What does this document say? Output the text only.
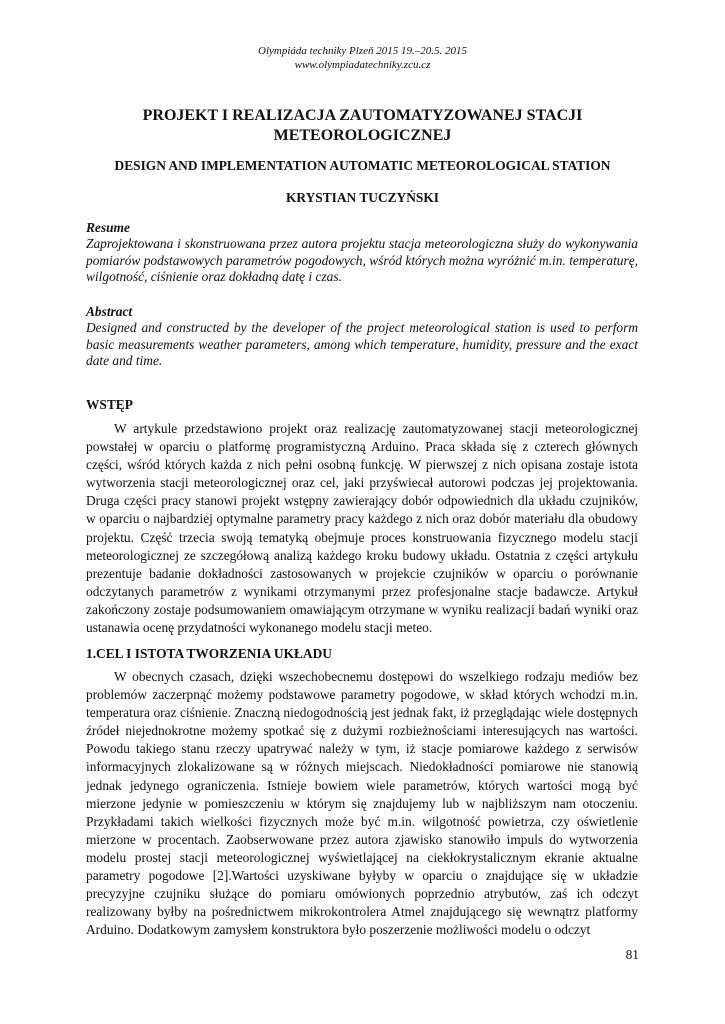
Olympiáda techniky Plzeň 2015 19.–20.5. 2015
www.olympiadatechniky.zcu.cz
PROJEKT I REALIZACJA ZAUTOMATYZOWANEJ STACJI METEOROLOGICZNEJ
DESIGN AND IMPLEMENTATION AUTOMATIC METEOROLOGICAL STATION
KRYSTIAN TUCZYŃSKI
Resume
Zaprojektowana i skonstruowana przez autora projektu stacja meteorologiczna służy do wykonywania pomiarów podstawowych parametrów pogodowych, wśród których można wyróżnić m.in. temperaturę, wilgotność, ciśnienie oraz dokładną datę i czas.
Abstract
Designed and constructed by the developer of the project meteorological station is used to perform basic measurements weather parameters, among which temperature, humidity, pressure and the exact date and time.
WSTĘP

W artykule przedstawiono projekt oraz realizację zautomatyzowanej stacji meteorologicznej powstałej w oparciu o platformę programistyczną Arduino. Praca składa się z czterech głównych części, wśród których każda z nich pełni osobną funkcję. W pierwszej z nich opisana zostaje istota wytworzenia stacji meteorologicznej oraz cel, jaki przyświecał autorowi podczas jej projektowania. Druga części pracy stanowi projekt wstępny zawierający dobór odpowiednich dla układu czujników, w oparciu o najbardziej optymalne parametry pracy każdego z nich oraz dobór materiału dla obudowy projektu. Część trzecia swoją tematyką obejmuje proces konstruowania fizycznego modelu stacji meteorologicznej ze szczegółową analizą każdego kroku budowy układu. Ostatnia z części artykułu prezentuje badanie dokładności zastosowanych w projekcie czujników w oparciu o porównanie odczytanych parametrów z wynikami otrzymanymi przez profesjonalne stacje badawcze. Artykuł zakończony zostaje podsumowaniem omawiającym otrzymane w wyniku realizacji badań wyniki oraz ustanawia ocenę przydatności wykonanego modelu stacji meteo.

1.CEL I ISTOTA TWORZENIA UKŁADU

W obecnych czasach, dzięki wszechobecnemu dostępowi do wszelkiego rodzaju mediów bez problemów zaczerpnąć możemy podstawowe parametry pogodowe, w skład których wchodzi m.in. temperatura oraz ciśnienie. Znaczną niedogodnością jest jednak fakt, iż przeglądając wiele dostępnych źródeł niejednokrotne możemy spotkać się z dużymi rozbieżnościami interesujących nas wartości. Powodu takiego stanu rzeczy upatrywać należy w tym, iż stacje pomiarowe każdego z serwisów informacyjnych zlokalizowane są w różnych miejscach. Niedokładności pomiarowe nie stanowią jednak jedynego ograniczenia. Istnieje bowiem wiele parametrów, których wartości mogą być mierzone jedynie w pomieszczeniu w którym się znajdujemy lub w najbliższym nam otoczeniu. Przykładami takich wielkości fizycznych może być m.in. wilgotność powietrza, czy oświetlenie mierzone w procentach. Zaobserwowane przez autora zjawisko stanowiło impuls do wytworzenia modelu prostej stacji meteorologicznej wyświetlającej na ciekłokrystalicznym ekranie aktualne parametry pogodowe [2].Wartości uzyskiwane byłyby w oparciu o znajdujące się w układzie precyzyjne czujniku służące do pomiaru omówionych poprzednio atrybutów, zaś ich odczyt realizowany byłby na pośrednictwem mikrokontrolera Atmel znajdującego się wewnątrz platformy Arduino. Dodatkowym zamysłem konstruktora było poszerzenie możliwości modelu o odczyt

81
